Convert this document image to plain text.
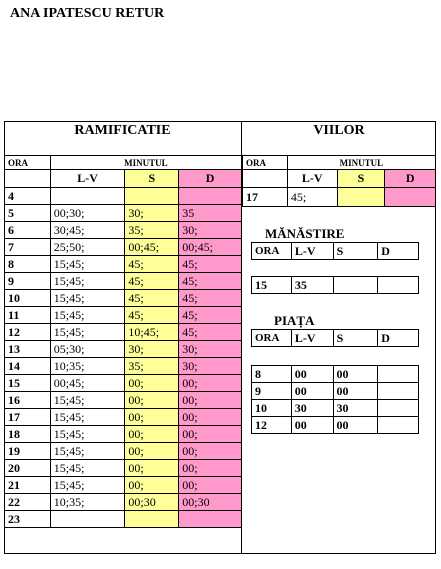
ANA IPATESCU RETUR
RAMIFICATIE	VIILOR
ORA	MINUTUL		
	L-V	S	D
4			
5	00;30;	30;	35
6	30;45;	35;	30;
7	25;50;	00;45;	00;45;
8	15;45;	45;	45;
9	15;45;	45;	45;
10	15;45;	45;	45;
11	15;45;	45;	45;
12	15;45;	10;45;	45;
13	05;30;	30;	30;
14	10;35;	35;	30;
15	00;45;	00;	00;
16	15;45;	00;	00;
17	15;45;	00;	00;
18	15;45;	00;	00;
19	15;45;	00;	00;
20	15;45;	00;	00;
21	15;45;	00;	00;
22	10;35;	00;30	00;30
23			
ORA	MINUTUL		
	L-V	S	D
17	45;		
MĂNĂSTIRE
ORA	L-V	S	D
15	35		
PIAȚA
ORA	L-V	S	D
8	00	00	
9	00	00	
10	30	30	
12	00	00	
